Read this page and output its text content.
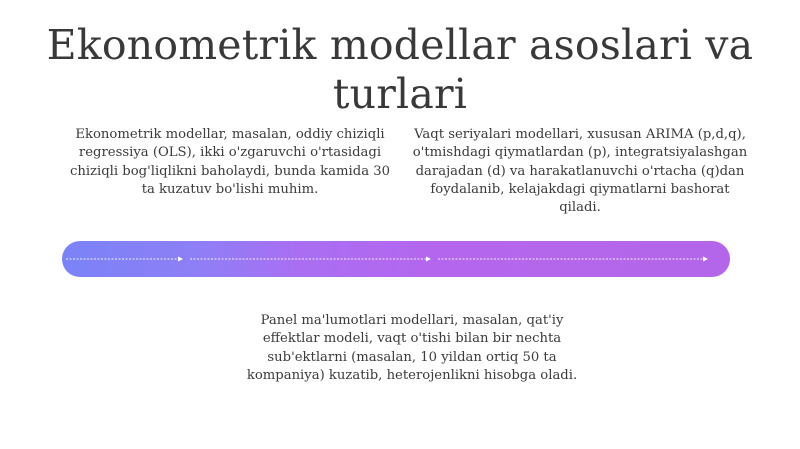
Ekonometrik modellar asoslari va turlari

Ekonometrik modellar, masalan, oddiy chiziqli regressiya (OLS), ikki o'zgaruvchi o'rtasidagi chiziqli bog'liqlikni baholaydi, bunda kamida 30 ta kuzatuv bo'lishi muhim.

Vaqt seriyalari modellari, xususan ARIMA (p,d,q), o'tmishdagi qiymatlardan (p), integratsiyalashgan darajadan (d) va harakatlanuvchi o'rtacha (q)dan foydalanib, kelajakdagi qiymatlarni bashorat qiladi.

Panel ma'lumotlari modellari, masalan, qat'iy effektlar modeli, vaqt o'tishi bilan bir nechta sub'ektlarni (masalan, 10 yildan ortiq 50 ta kompaniya) kuzatib, heterojenlikni hisobga oladi.
